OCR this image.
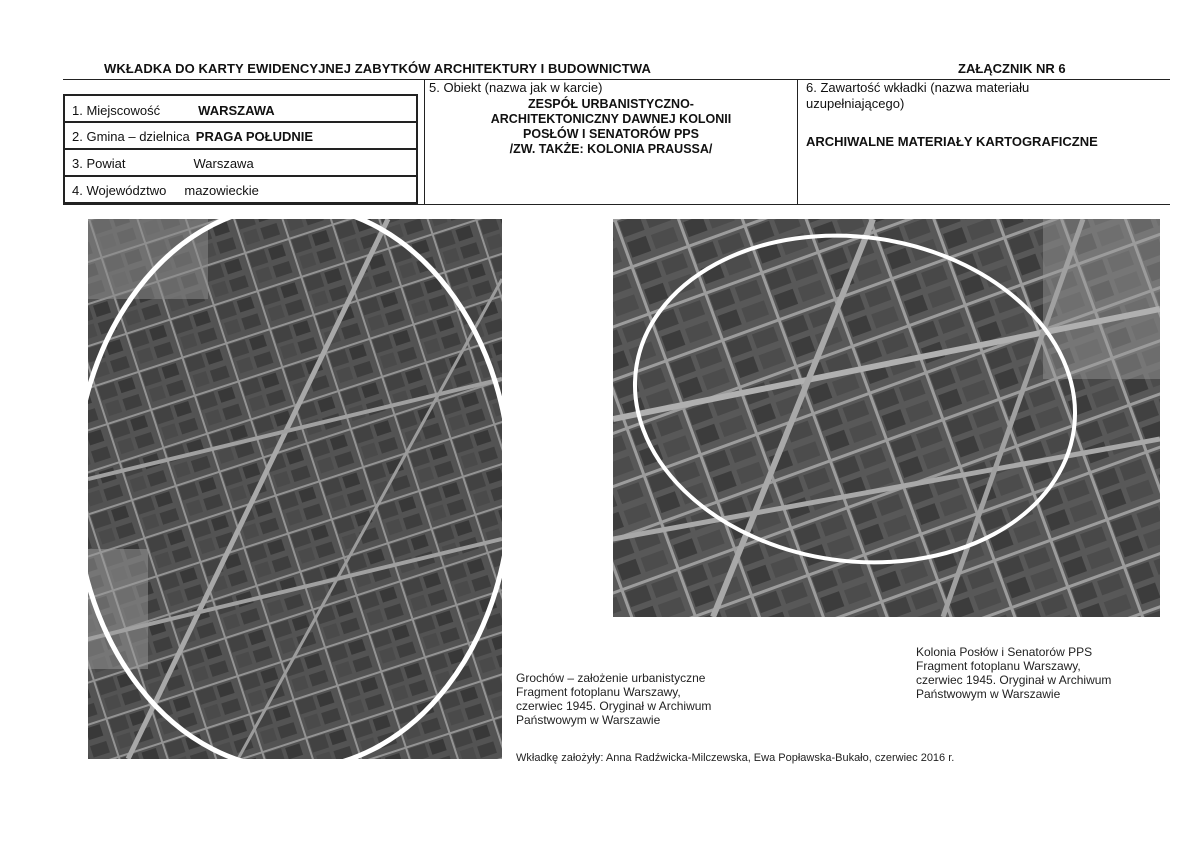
WKŁADKA DO KARTY EWIDENCYJNEJ ZABYTKÓW ARCHITEKTURY I BUDOWNICTWA	ZAŁĄCZNIK NR 6
1. Miejscowość	WARSZAWA
2. Gmina – dzielnica PRAGA POŁUDNIE
3. Powiat	Warszawa
4. Województwo mazowieckie
5. Obiekt (nazwa jak w karcie)
ZESPÓŁ URBANISTYCZNO-
ARCHITEKTONICZNY DAWNEJ KOLONII
POSŁÓW I SENATORÓW PPS
/ZW. TAKŻE: KOLONIA PRAUSSA/
6. Zawartość wkładki (nazwa materiału
uzupełniającego)
ARCHIWALNE MATERIAŁY KARTOGRAFICZNE
Grochów – założenie urbanistyczne
Fragment fotoplanu Warszawy,
czerwiec 1945. Oryginał w Archiwum
Państwowym w Warszawie
Kolonia Posłów i Senatorów PPS
Fragment fotoplanu Warszawy,
czerwiec 1945. Oryginał w Archiwum
Państwowym w Warszawie
Wkładkę założyły: Anna Radźwicka-Milczewska, Ewa Popławska-Bukało, czerwiec 2016 r.
